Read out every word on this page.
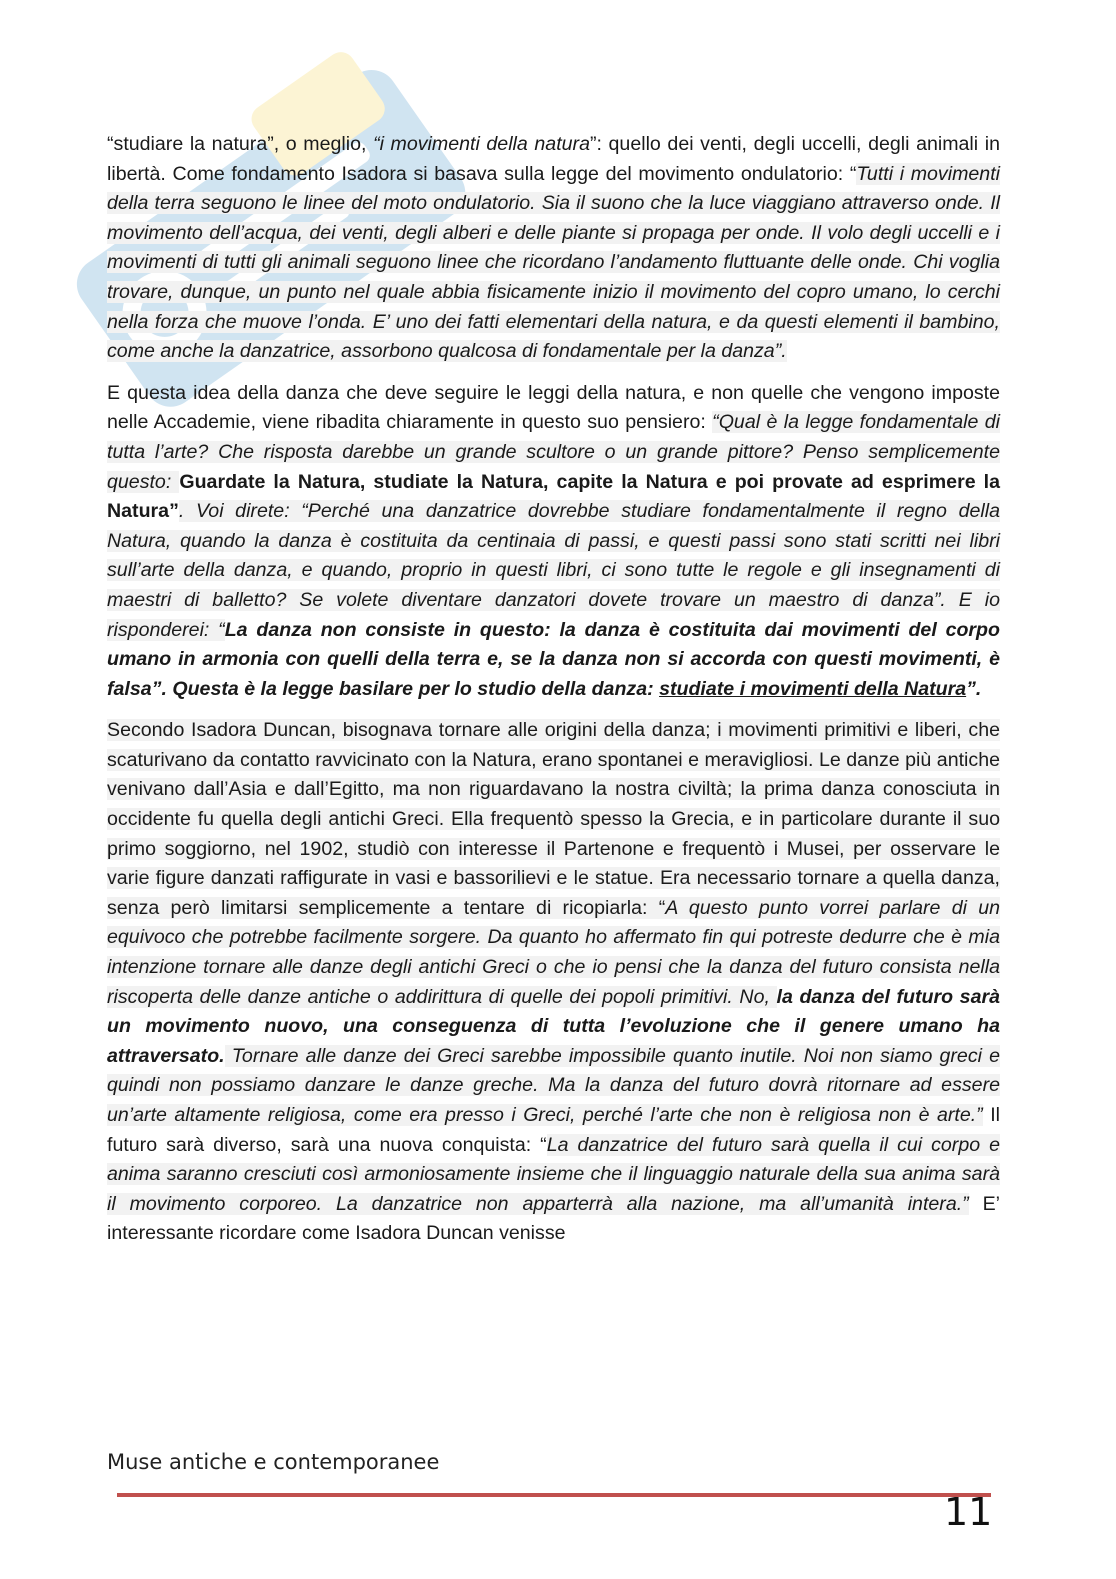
“studiare la natura”, o meglio, “i movimenti della natura”: quello dei venti, degli uccelli, degli animali in libertà. Come fondamento Isadora si basava sulla legge del movimento ondulatorio: “Tutti i movimenti della terra seguono le linee del moto ondulatorio. Sia il suono che la luce viaggiano attraverso onde. Il movimento dell’acqua, dei venti, degli alberi e delle piante si propaga per onde. Il volo degli uccelli e i movimenti di tutti gli animali seguono linee che ricordano l’andamento fluttuante delle onde. Chi voglia trovare, dunque, un punto nel quale abbia fisicamente inizio il movimento del copro umano, lo cerchi nella forza che muove l’onda. E’ uno dei fatti elementari della natura, e da questi elementi il bambino, come anche la danzatrice, assorbono qualcosa di fondamentale per la danza”.

E questa idea della danza che deve seguire le leggi della natura, e non quelle che vengono imposte nelle Accademie, viene ribadita chiaramente in questo suo pensiero: “Qual è la legge fondamentale di tutta l’arte? Che risposta darebbe un grande scultore o un grande pittore? Penso semplicemente questo: Guardate la Natura, studiate la Natura, capite la Natura e poi provate ad esprimere la Natura”. Voi direte: “Perché una danzatrice dovrebbe studiare fondamentalmente il regno della Natura, quando la danza è costituita da centinaia di passi, e questi passi sono stati scritti nei libri sull’arte della danza, e quando, proprio in questi libri, ci sono tutte le regole e gli insegnamenti di maestri di balletto? Se volete diventare danzatori dovete trovare un maestro di danza”. E io risponderei: “La danza non consiste in questo: la danza è costituita dai movimenti del corpo umano in armonia con quelli della terra e, se la danza non si accorda con questi movimenti, è falsa”. Questa è la legge basilare per lo studio della danza: studiate i movimenti della Natura”.

Secondo Isadora Duncan, bisognava tornare alle origini della danza; i movimenti primitivi e liberi, che scaturivano da contatto ravvicinato con la Natura, erano spontanei e meravigliosi. Le danze più antiche venivano dall’Asia e dall’Egitto, ma non riguardavano la nostra civiltà; la prima danza conosciuta in occidente fu quella degli antichi Greci. Ella frequentò spesso la Grecia, e in particolare durante il suo primo soggiorno, nel 1902, studiò con interesse il Partenone e frequentò i Musei, per osservare le varie figure danzati raffigurate in vasi e bassorilievi e le statue. Era necessario tornare a quella danza, senza però limitarsi semplicemente a tentare di ricopiarla: “A questo punto vorrei parlare di un equivoco che potrebbe facilmente sorgere. Da quanto ho affermato fin qui potreste dedurre che è mia intenzione tornare alle danze degli antichi Greci o che io pensi che la danza del futuro consista nella riscoperta delle danze antiche o addirittura di quelle dei popoli primitivi. No, la danza del futuro sarà un movimento nuovo, una conseguenza di tutta l’evoluzione che il genere umano ha attraversato. Tornare alle danze dei Greci sarebbe impossibile quanto inutile. Noi non siamo greci e quindi non possiamo danzare le danze greche. Ma la danza del futuro dovrà ritornare ad essere un’arte altamente religiosa, come era presso i Greci, perché l’arte che non è religiosa non è arte.” Il futuro sarà diverso, sarà una nuova conquista: “La danzatrice del futuro sarà quella il cui corpo e anima saranno cresciuti così armoniosamente insieme che il linguaggio naturale della sua anima sarà il movimento corporeo. La danzatrice non apparterrà alla nazione, ma all’umanità intera.” E’ interessante ricordare come Isadora Duncan venisse

Muse antiche e contemporanee
11
